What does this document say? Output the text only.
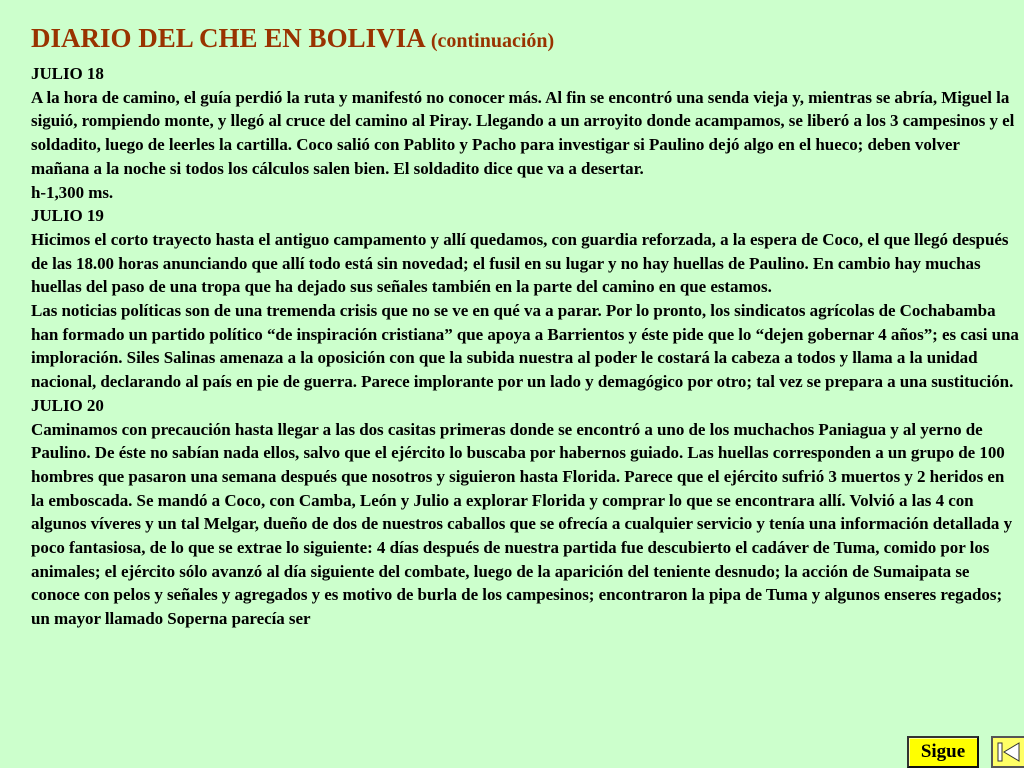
DIARIO DEL CHE EN BOLIVIA (continuación)

JULIO 18

A la hora de camino, el guía perdió la ruta y manifestó no conocer más. Al fin se encontró una senda vieja y, mientras se abría, Miguel la siguió, rompiendo monte, y llegó al cruce del camino al Piray. Llegando a un arroyito donde acampamos, se liberó a los 3 campesinos y el soldadito, luego de leerles la cartilla. Coco salió con Pablito y Pacho para investigar si Paulino dejó algo en el hueco; deben volver mañana a la noche si todos los cálculos salen bien. El soldadito dice que va a desertar.

h-1,300 ms.

JULIO 19

Hicimos el corto trayecto hasta el antiguo campamento y allí quedamos, con guardia reforzada, a la espera de Coco, el que llegó después de las 18.00 horas anunciando que allí todo está sin novedad; el fusil en su lugar y no hay huellas de Paulino. En cambio hay muchas huellas del paso de una tropa que ha dejado sus señales también en la parte del camino en que estamos.

Las noticias políticas son de una tremenda crisis que no se ve en qué va a parar. Por lo pronto, los sindicatos agrícolas de Cochabamba han formado un partido político “de inspiración cristiana” que apoya a Barrientos y éste pide que lo “dejen gobernar 4 años”; es casi una imploración. Siles Salinas amenaza a la oposición con que la subida nuestra al poder le costará la cabeza a todos y llama a la unidad nacional, declarando al país en pie de guerra. Parece implorante por un lado y demagógico por otro; tal vez se prepara a una sustitución.

JULIO 20

Caminamos con precaución hasta llegar a las dos casitas primeras donde se encontró a uno de los muchachos Paniagua y al yerno de Paulino. De éste no sabían nada ellos, salvo que el ejército lo buscaba por habernos guiado. Las huellas corresponden a un grupo de 100 hombres que pasaron una semana después que nosotros y siguieron hasta Florida. Parece que el ejército sufrió 3 muertos y 2 heridos en la emboscada. Se mandó a Coco, con Camba, León y Julio a explorar Florida y comprar lo que se encontrara allí. Volvió a las 4 con algunos víveres y un tal Melgar, dueño de dos de nuestros caballos que se ofrecía a cualquier servicio y tenía una información detallada y poco fantasiosa, de lo que se extrae lo siguiente: 4 días después de nuestra partida fue descubierto el cadáver de Tuma, comido por los animales; el ejército sólo avanzó al día siguiente del combate, luego de la aparición del teniente desnudo; la acción de Sumaipata se conoce con pelos y señales y agregados y es motivo de burla de los campesinos; encontraron la pipa de Tuma y algunos enseres regados; un mayor llamado Soperna parecía ser

Sigue
